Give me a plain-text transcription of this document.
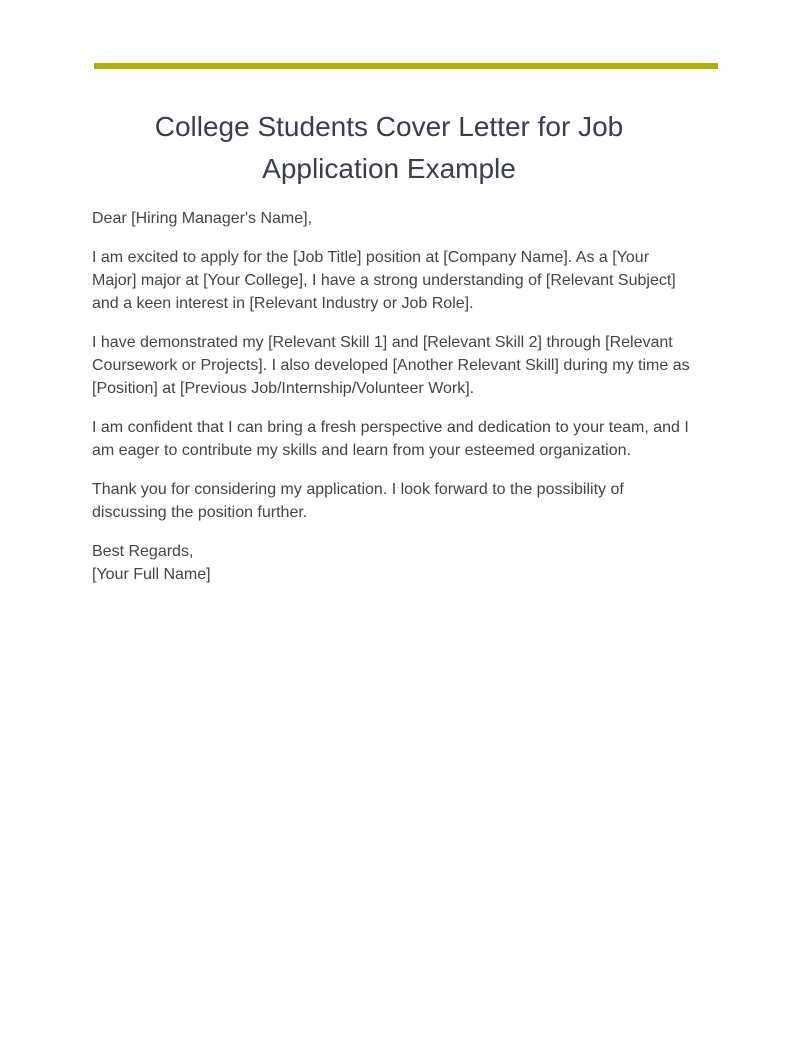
College Students Cover Letter for Job Application Example

Dear [Hiring Manager's Name],

I am excited to apply for the [Job Title] position at [Company Name]. As a [Your Major] major at [Your College], I have a strong understanding of [Relevant Subject] and a keen interest in [Relevant Industry or Job Role].

I have demonstrated my [Relevant Skill 1] and [Relevant Skill 2] through [Relevant Coursework or Projects]. I also developed [Another Relevant Skill] during my time as [Position] at [Previous Job/Internship/Volunteer Work].

I am confident that I can bring a fresh perspective and dedication to your team, and I am eager to contribute my skills and learn from your esteemed organization.

Thank you for considering my application. I look forward to the possibility of discussing the position further.

Best Regards,
[Your Full Name]
